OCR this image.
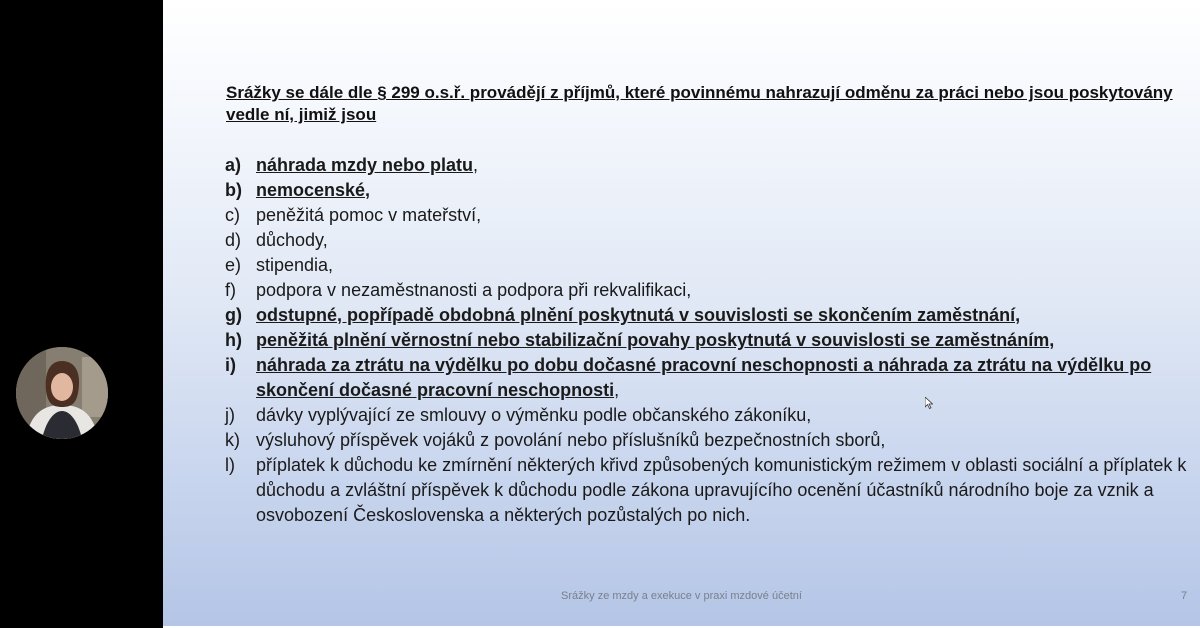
Srážky se dále dle § 299 o.s.ř. provádějí z příjmů, které povinnému nahrazují odměnu za práci nebo jsou poskytovány vedle ní, jimiž jsou
a) náhrada mzdy nebo platu,
b) nemocenské,
c) peněžitá pomoc v mateřství,
d) důchody,
e) stipendia,
f)	podpora v nezaměstnanosti a podpora při rekvalifikaci,
g) odstupné, popřípadě obdobná plnění poskytnutá v souvislosti se skončením zaměstnání,
h) peněžitá plnění věrnostní nebo stabilizační povahy poskytnutá v souvislosti se zaměstnáním,
i)	náhrada za ztrátu na výdělku po dobu dočasné pracovní neschopnosti a náhrada za ztrátu na výdělku po skončení dočasné pracovní neschopnosti,
j)	dávky vyplývající ze smlouvy o výměnku podle občanského zákoníku,
k) výsluhový příspěvek vojáků z povolání nebo příslušníků bezpečnostních sborů,
l)	příplatek k důchodu ke zmírnění některých křivd způsobených komunistickým režimem v oblasti sociální a příplatek k důchodu a zvláštní příspěvek k důchodu podle zákona upravujícího ocenění účastníků národního boje za vznik a osvobození Československa a některých pozůstalých po nich.
Srážky ze mzdy a exekuce v praxi mzdové účetní	7
